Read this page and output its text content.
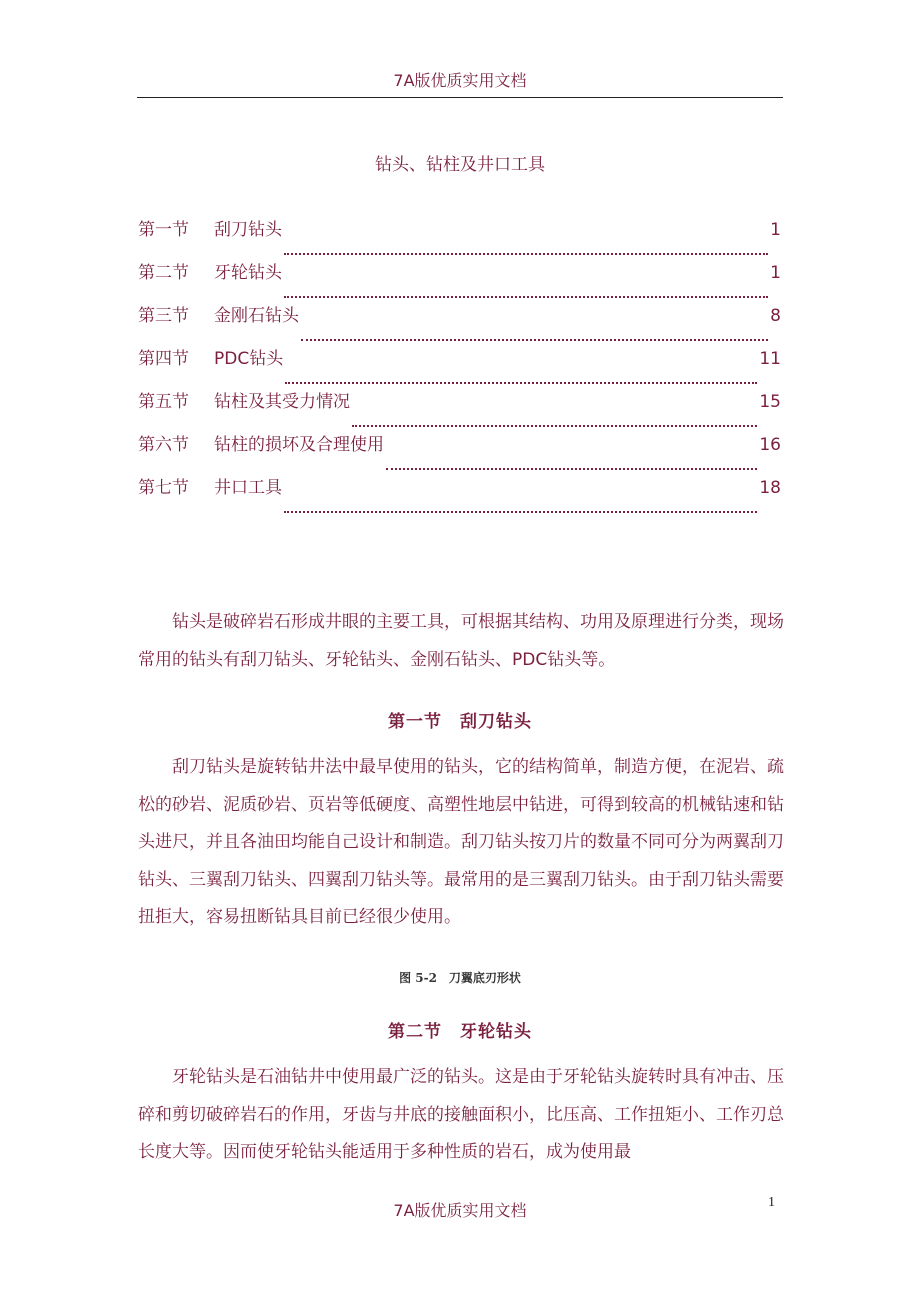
7A版优质实用文档
钻头、钻柱及井口工具
第一节	刮刀钻头	1
第二节	牙轮钻头	1
第三节	金刚石钻头	8
第四节	PDC钻头	11
第五节	钻柱及其受力情况	15
第六节	钻柱的损坏及合理使用	16
第七节	井口工具	18

钻头是破碎岩石形成井眼的主要工具，可根据其结构、功用及原理进行分类，现场常用的钻头有刮刀钻头、牙轮钻头、金刚石钻头、PDC钻头等。

第一节　刮刀钻头

刮刀钻头是旋转钻井法中最早使用的钻头，它的结构简单，制造方便，在泥岩、疏松的砂岩、泥质砂岩、页岩等低硬度、高塑性地层中钻进，可得到较高的机械钻速和钻头进尺，并且各油田均能自己设计和制造。刮刀钻头按刀片的数量不同可分为两翼刮刀钻头、三翼刮刀钻头、四翼刮刀钻头等。最常用的是三翼刮刀钻头。由于刮刀钻头需要扭拒大，容易扭断钻具目前已经很少使用。

图 5-2　刀翼底刃形状
第二节　牙轮钻头

牙轮钻头是石油钻井中使用最广泛的钻头。这是由于牙轮钻头旋转时具有冲击、压碎和剪切破碎岩石的作用，牙齿与井底的接触面积小，比压高、工作扭矩小、工作刃总长度大等。因而使牙轮钻头能适用于多种性质的岩石，成为使用最

1
7A版优质实用文档
